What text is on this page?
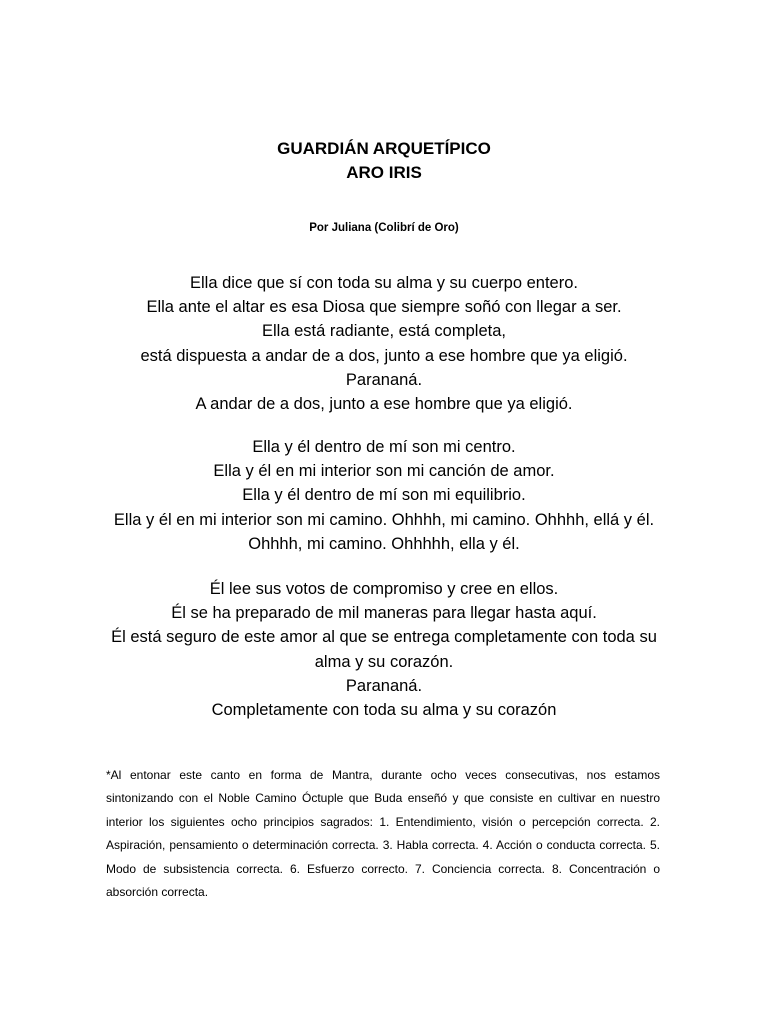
GUARDIÁN ARQUETÍPICO
ARO IRIS
Por Juliana (Colibrí de Oro)
Ella dice que sí con toda su alma y su cuerpo entero.
Ella ante el altar es esa Diosa que siempre soñó con llegar a ser.
Ella está radiante, está completa,
está dispuesta a andar de a dos, junto a ese hombre que ya eligió.
Parananá.
A andar de a dos, junto a ese hombre que ya eligió.
Ella y él dentro de mí son mi centro.
Ella y él en mi interior son mi canción de amor.
Ella y él dentro de mí son mi equilibrio.
Ella y él en mi interior son mi camino. Ohhhh, mi camino. Ohhhh, ellá y él. Ohhhh, mi camino. Ohhhhh, ella y él.
Él lee sus votos de compromiso y cree en ellos.
Él se ha preparado de mil maneras para llegar hasta aquí.
Él está seguro de este amor al que se entrega completamente con toda su alma y su corazón.
Parananá.
Completamente con toda su alma y su corazón
*Al entonar este canto en forma de Mantra, durante ocho veces consecutivas, nos estamos sintonizando con el Noble Camino Óctuple que Buda enseñó y que consiste en cultivar en nuestro interior los siguientes ocho principios sagrados: 1. Entendimiento, visión o percepción correcta. 2. Aspiración, pensamiento o determinación correcta. 3. Habla correcta. 4. Acción o conducta correcta. 5. Modo de subsistencia correcta. 6. Esfuerzo correcto. 7. Conciencia correcta. 8. Concentración o absorción correcta.
